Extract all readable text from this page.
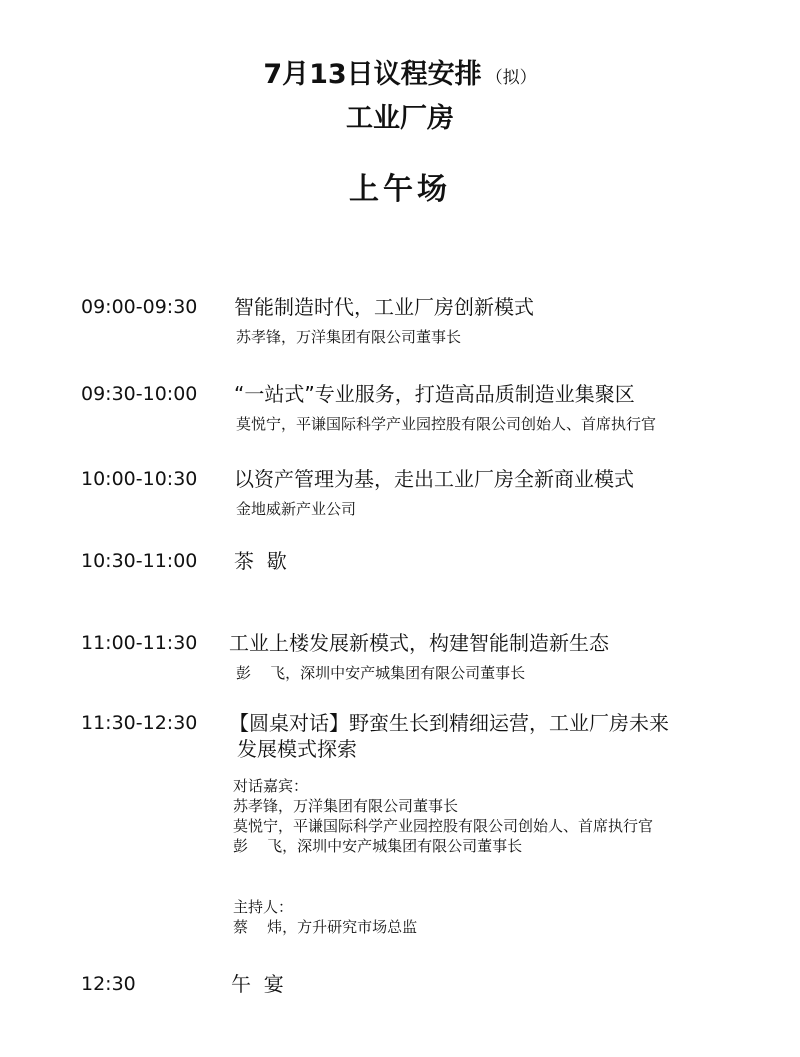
7月13日议程安排 （拟）
工业厂房
上午场
09:00-09:30 智能制造时代，工业厂房创新模式
苏孝锋，万洋集团有限公司董事长
09:30-10:00 “一站式”专业服务，打造高品质制造业集聚区
莫悦宁，平谦国际科学产业园控股有限公司创始人、首席执行官
10:00-10:30 以资产管理为基，走出工业厂房全新商业模式
金地威新产业公司
10:30-11:00 茶  歇
11:00-11:30 工业上楼发展新模式，构建智能制造新生态
彭    飞，深圳中安产城集团有限公司董事长
11:30-12:30 【圆桌对话】野蛮生长到精细运营，工业厂房未来
发展模式探索
对话嘉宾：
苏孝锋，万洋集团有限公司董事长
莫悦宁，平谦国际科学产业园控股有限公司创始人、首席执行官
彭    飞，深圳中安产城集团有限公司董事长
主持人：
蔡    炜，方升研究市场总监
12:30	午  宴
